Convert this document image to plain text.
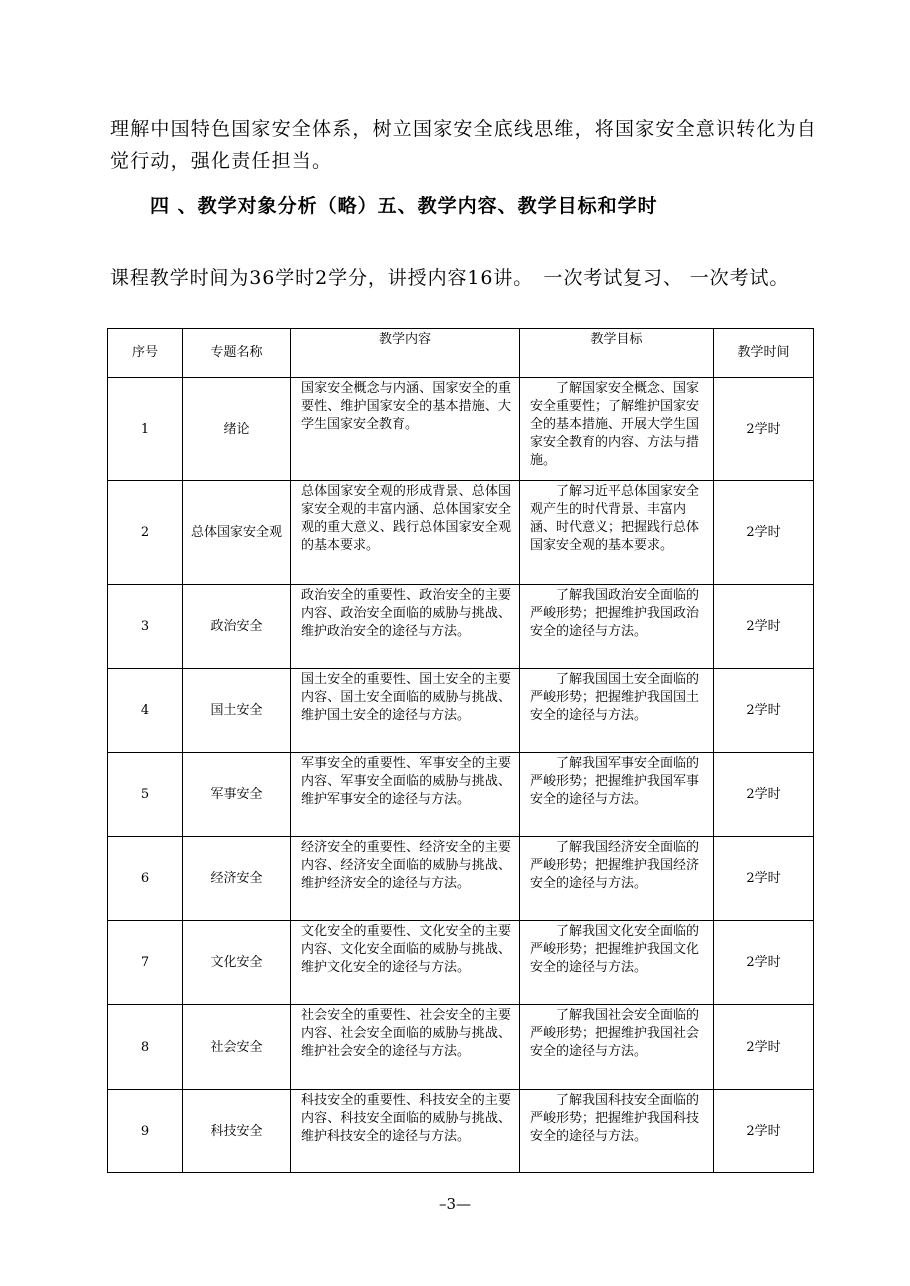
理解中国特色国家安全体系，树立国家安全底线思维，将国家安全意识转化为自觉行动，强化责任担当。
四 、教学对象分析（略）五、教学内容、教学目标和学时
课程教学时间为36学时2学分，讲授内容16讲。　一次考试复习、 一次考试。
序号	专题名称	教学内容	教学目标	教学时间
1	绪论	国家安全概念与内涵、国家安全的重要性、维护国家安全的基本措施、大学生国家安全教育。	　　了解国家安全概念、国家安全重要性；了解维护国家安全的基本措施、开展大学生国家安全教育的内容、方法与措施。	2学时
2	总体国家安全观	总体国家安全观的形成背景、总体国家安全观的丰富内涵、总体国家安全观的重大意义、践行总体国家安全观的基本要求。	　　了解习近平总体国家安全观产生的时代背景、丰富内涵、时代意义；把握践行总体国家安全观的基本要求。	2学时
3	政治安全	政治安全的重要性、政治安全的主要内容、政治安全面临的威胁与挑战、维护政治安全的途径与方法。	　　了解我国政治安全面临的严峻形势；把握维护我国政治安全的途径与方法。	2学时
4	国土安全	国土安全的重要性、国土安全的主要内容、国土安全面临的威胁与挑战、维护国土安全的途径与方法。	　　了解我国国土安全面临的严峻形势；把握维护我国国土安全的途径与方法。	2学时
5	军事安全	军事安全的重要性、军事安全的主要内容、军事安全面临的威胁与挑战、维护军事安全的途径与方法。	　　了解我国军事安全面临的严峻形势；把握维护我国军事安全的途径与方法。	2学时
6	经济安全	经济安全的重要性、经济安全的主要内容、经济安全面临的威胁与挑战、维护经济安全的途径与方法。	　　了解我国经济安全面临的严峻形势；把握维护我国经济安全的途径与方法。	2学时
7	文化安全	文化安全的重要性、文化安全的主要内容、文化安全面临的威胁与挑战、维护文化安全的途径与方法。	　　了解我国文化安全面临的严峻形势；把握维护我国文化安全的途径与方法。	2学时
8	社会安全	社会安全的重要性、社会安全的主要内容、社会安全面临的威胁与挑战、维护社会安全的途径与方法。	　　了解我国社会安全面临的严峻形势；把握维护我国社会安全的途径与方法。	2学时
9	科技安全	科技安全的重要性、科技安全的主要内容、科技安全面临的威胁与挑战、维护科技安全的途径与方法。	　　了解我国科技安全面临的严峻形势；把握维护我国科技安全的途径与方法。	2学时
–3—
